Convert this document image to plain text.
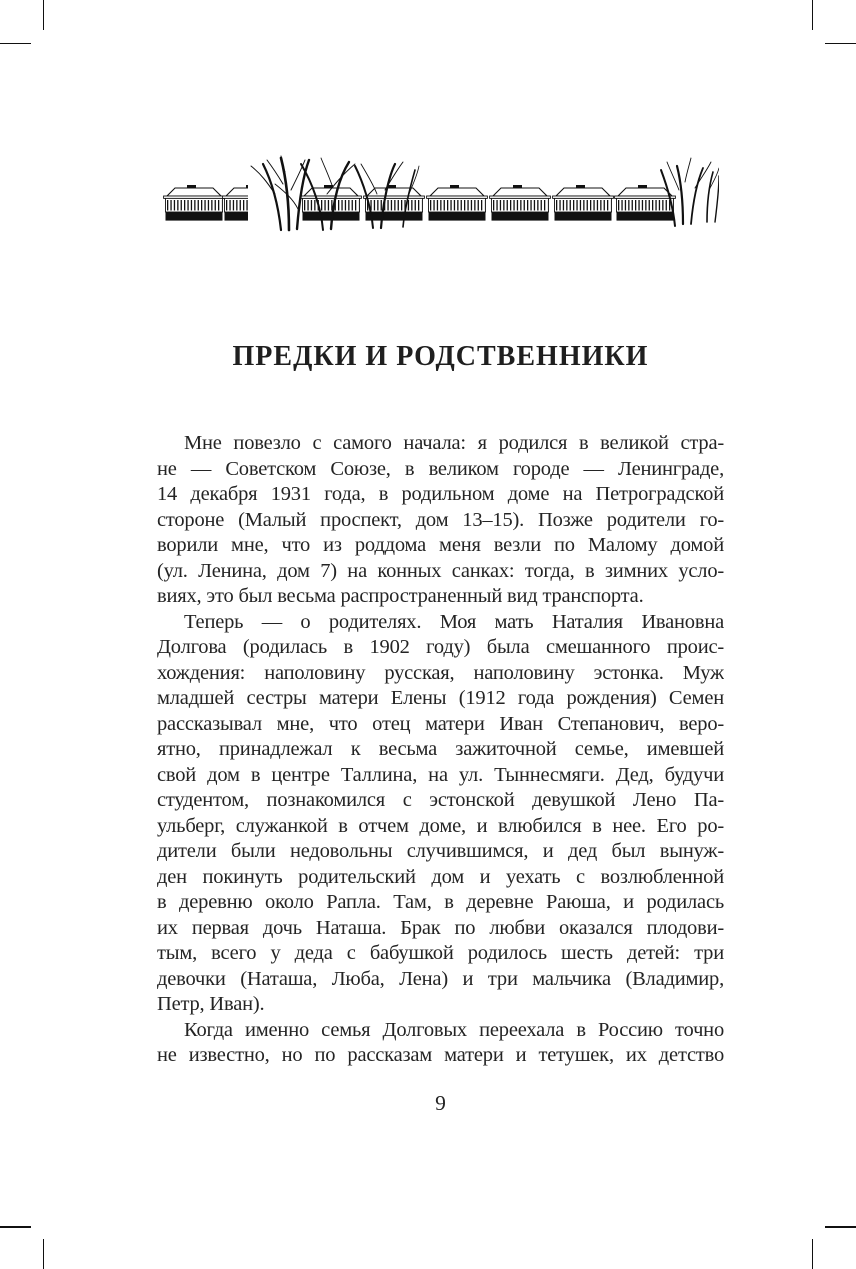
ПРЕДКИ И РОДСТВЕННИКИ
Мне повезло с самого начала: я родился в великой стра-
не — Советском Союзе, в великом городе — Ленинграде,
14 декабря 1931 года, в родильном доме на Петроградской
стороне (Малый проспект, дом 13–15). Позже родители го-
ворили мне, что из роддома меня везли по Малому домой
(ул. Ленина, дом 7) на конных санках: тогда, в зимних усло-
виях, это был весьма распространенный вид транспорта.
Теперь — о родителях. Моя мать Наталия Ивановна
Долгова (родилась в 1902 году) была смешанного проис-
хождения: наполовину русская, наполовину эстонка. Муж
младшей сестры матери Елены (1912 года рождения) Семен
рассказывал мне, что отец матери Иван Степанович, веро-
ятно, принадлежал к весьма зажиточной семье, имевшей
свой дом в центре Таллина, на ул. Тыннесмяги. Дед, будучи
студентом, познакомился с эстонской девушкой Лено Па-
ульберг, служанкой в отчем доме, и влюбился в нее. Его ро-
дители были недовольны случившимся, и дед был вынуж-
ден покинуть родительский дом и уехать с возлюбленной
в деревню около Рапла. Там, в деревне Раюша, и родилась
их первая дочь Наташа. Брак по любви оказался плодови-
тым, всего у деда с бабушкой родилось шесть детей: три
девочки (Наташа, Люба, Лена) и три мальчика (Владимир,
Петр, Иван).
Когда именно семья Долговых переехала в Россию точно
не известно, но по рассказам матери и тетушек, их детство
9
